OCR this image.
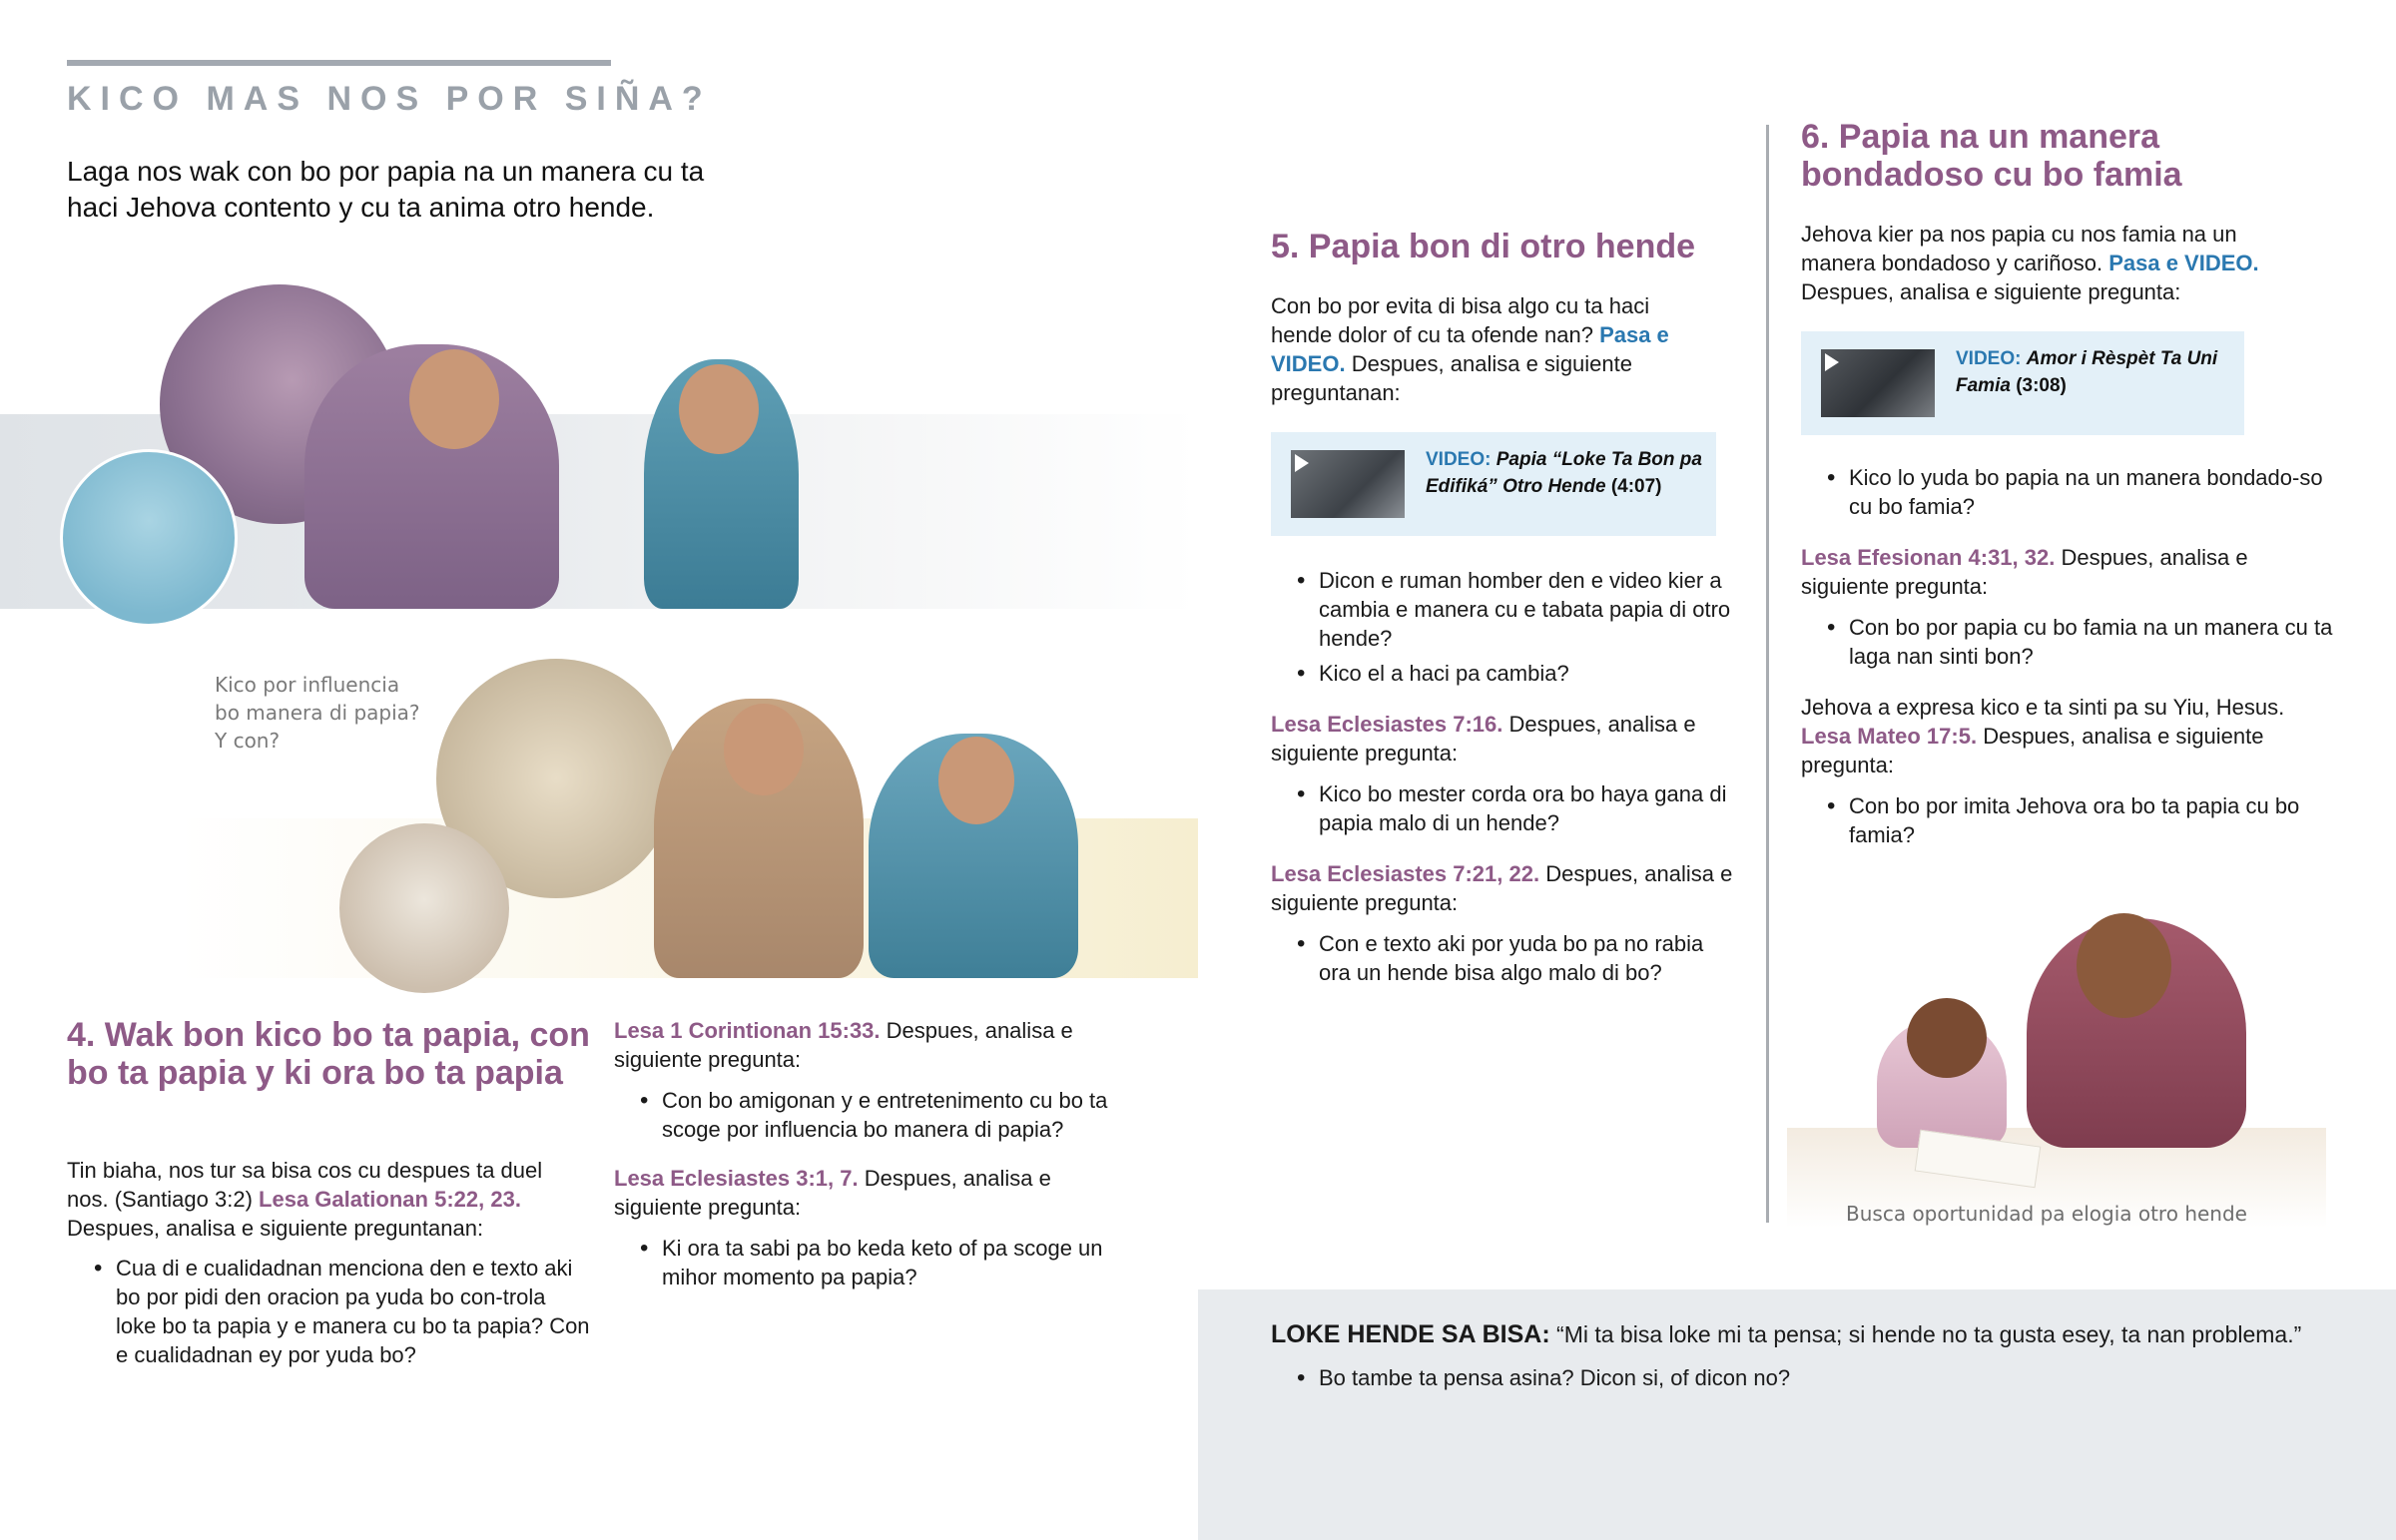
KICO MAS NOS POR SIÑA?
Laga nos wak con bo por papia na un manera cu ta haci Jehova contento y cu ta anima otro hende.
Kico por influencia
bo manera di papia?
Y con?
4. Wak bon kico bo ta papia, con bo ta papia y ki ora bo ta papia
Tin biaha, nos tur sa bisa cos cu despues ta duel nos. (Santiago 3:2) Lesa Galationan 5:22, 23. Despues, analisa e siguiente preguntanan:
• Cua di e cualidadnan menciona den e texto aki bo por pidi den oracion pa yuda bo con-trola loke bo ta papia y e manera cu bo ta papia? Con e cualidadnan ey por yuda bo?
Lesa 1 Corintionan 15:33. Despues, analisa e siguiente pregunta:
• Con bo amigonan y e entretenimento cu bo ta scoge por influencia bo manera di papia?
Lesa Eclesiastes 3:1, 7. Despues, analisa e siguiente pregunta:
• Ki ora ta sabi pa bo keda keto of pa scoge un mihor momento pa papia?
5. Papia bon di otro hende
Con bo por evita di bisa algo cu ta haci hende dolor of cu ta ofende nan? Pasa e VIDEO. Despues, analisa e siguiente preguntanan:
VIDEO: Papia “Loke Ta Bon pa Edifiká” Otro Hende (4:07)
• Dicon e ruman homber den e video kier a cambia e manera cu e tabata papia di otro hende?
• Kico el a haci pa cambia?
Lesa Eclesiastes 7:16. Despues, analisa e siguiente pregunta:
• Kico bo mester corda ora bo haya gana di papia malo di un hende?
Lesa Eclesiastes 7:21, 22. Despues, analisa e siguiente pregunta:
• Con e texto aki por yuda bo pa no rabia ora un hende bisa algo malo di bo?
6. Papia na un manera bondadoso cu bo famia
Jehova kier pa nos papia cu nos famia na un manera bondadoso y cariñoso. Pasa e VIDEO. Despues, analisa e siguiente pregunta:
VIDEO: Amor i Rèspèt Ta Uni Famia (3:08)
• Kico lo yuda bo papia na un manera bondado-so cu bo famia?
Lesa Efesionan 4:31, 32. Despues, analisa e siguiente pregunta:
• Con bo por papia cu bo famia na un manera cu ta laga nan sinti bon?
Jehova a expresa kico e ta sinti pa su Yiu, Hesus. Lesa Mateo 17:5. Despues, analisa e siguiente pregunta:
• Con bo por imita Jehova ora bo ta papia cu bo famia?
Busca oportunidad pa elogia otro hende
LOKE HENDE SA BISA: “Mi ta bisa loke mi ta pensa; si hende no ta gusta esey, ta nan problema.”
• Bo tambe ta pensa asina? Dicon si, of dicon no?
